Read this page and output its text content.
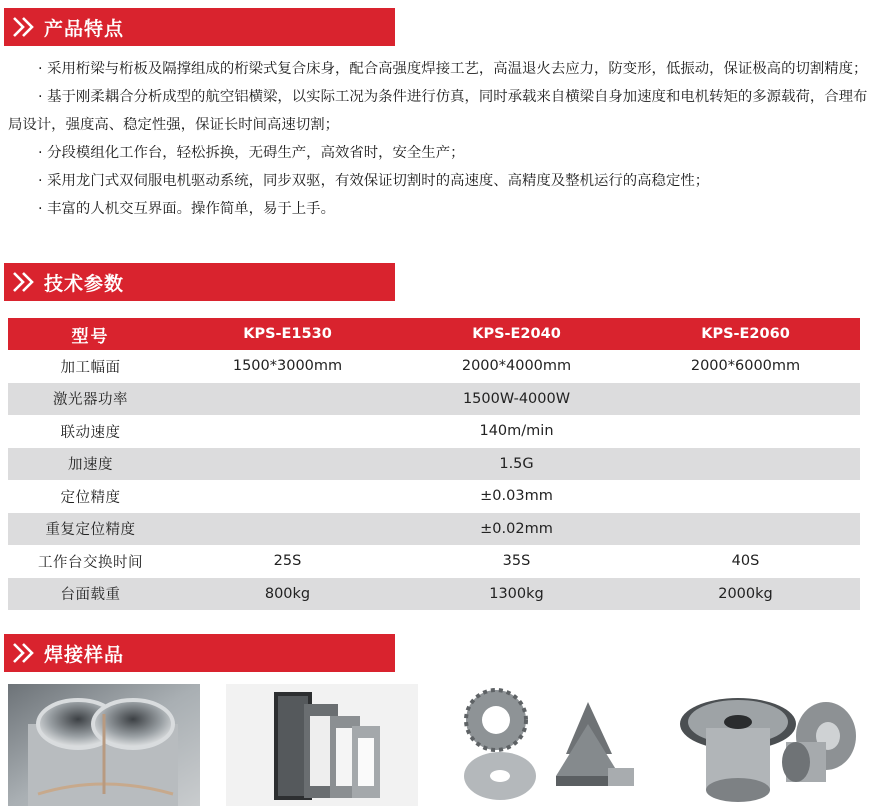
产品特点

· 采用桁梁与桁板及隔撑组成的桁梁式复合床身，配合高强度焊接工艺，高温退火去应力，防变形，低振动，保证极高的切割精度；

· 基于刚柔耦合分析成型的航空铝横梁，以实际工况为条件进行仿真，同时承载来自横梁自身加速度和电机转矩的多源载荷，合理布局设计，强度高、稳定性强，保证长时间高速切割；

· 分段模组化工作台，轻松拆换，无碍生产，高效省时，安全生产；

· 采用龙门式双伺服电机驱动系统，同步双驱，有效保证切割时的高速度、高精度及整机运行的高稳定性；

· 丰富的人机交互界面。操作简单，易于上手。

技术参数
型号	KPS-E1530	KPS-E2040	KPS-E2060
加工幅面	1500*3000mm	2000*4000mm	2000*6000mm
激光器功率	1500W-4000W		
联动速度	140m/min		
加速度	1.5G		
定位精度	±0.03mm		
重复定位精度	±0.02mm		
工作台交换时间	25S	35S	40S
台面载重	800kg	1300kg	2000kg
焊接样品
